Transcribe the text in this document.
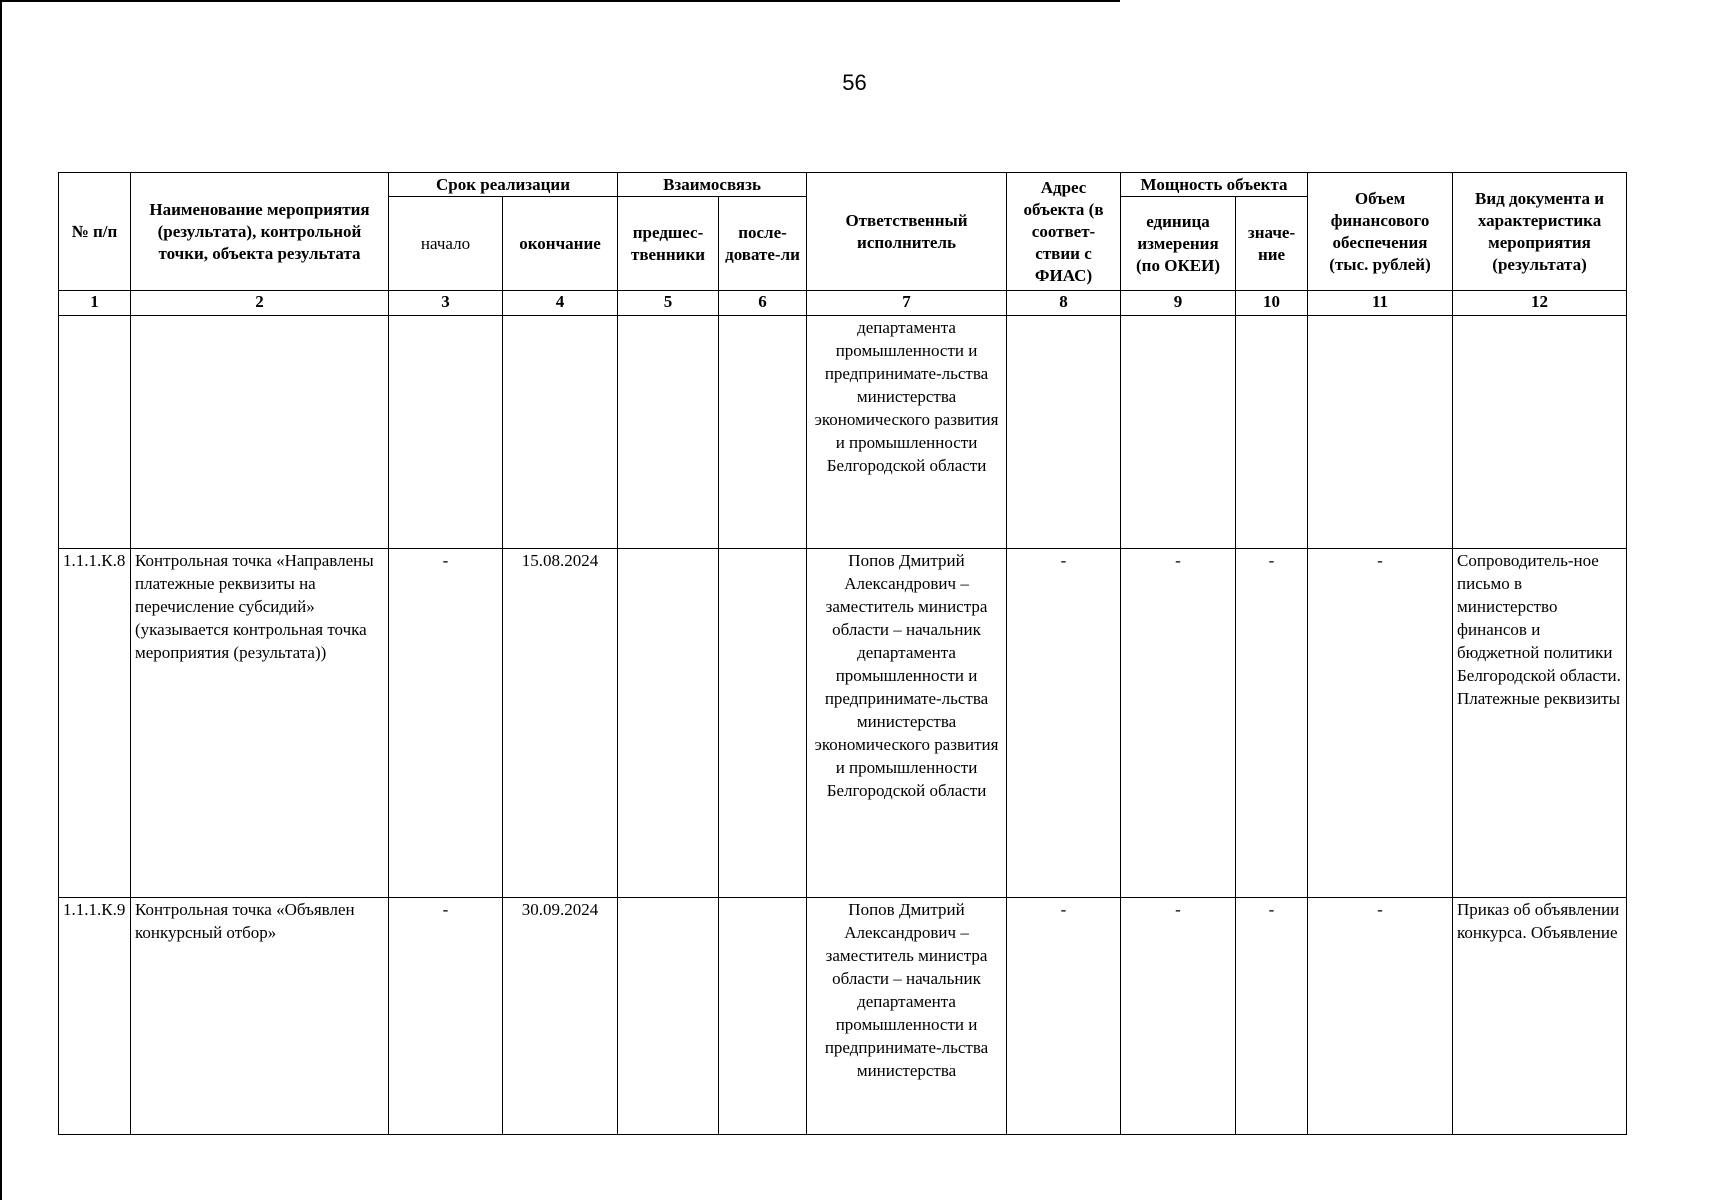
56
№ п/п	Наименование мероприятия (результата), контрольной точки, объекта результата	Срок реализации		Взаимосвязь		Ответственный исполнитель	Адрес объекта (в соответ-ствии с ФИАС)	Мощность объекта		Объем финансового обеспечения (тыс. рублей)	Вид документа и характеристика мероприятия (результата)
		начало	окончание	предшес-твенники	после-довате-ли			единица измерения (по ОКЕИ)	значе-ние		
1	2	3	4	5	6	7	8	9	10	11	12
						департамента промышленности и предпринимате-льства министерства экономического развития и промышленности Белгородской области					
1.1.1.К.8	Контрольная точка «Направлены платежные реквизиты на перечисление субсидий» (указывается контрольная точка мероприятия (результата))	-	15.08.2024			Попов Дмитрий Александрович – заместитель министра области – начальник департамента промышленности и предпринимате-льства министерства экономического развития и промышленности Белгородской области	-	-	-	-	Сопроводитель-ное письмо в министерство финансов и бюджетной политики Белгородской области. Платежные реквизиты
1.1.1.К.9	Контрольная точка «Объявлен конкурсный отбор»	-	30.09.2024			Попов Дмитрий Александрович – заместитель министра области – начальник департамента промышленности и предпринимате-льства министерства	-	-	-	-	Приказ об объявлении конкурса. Объявление
